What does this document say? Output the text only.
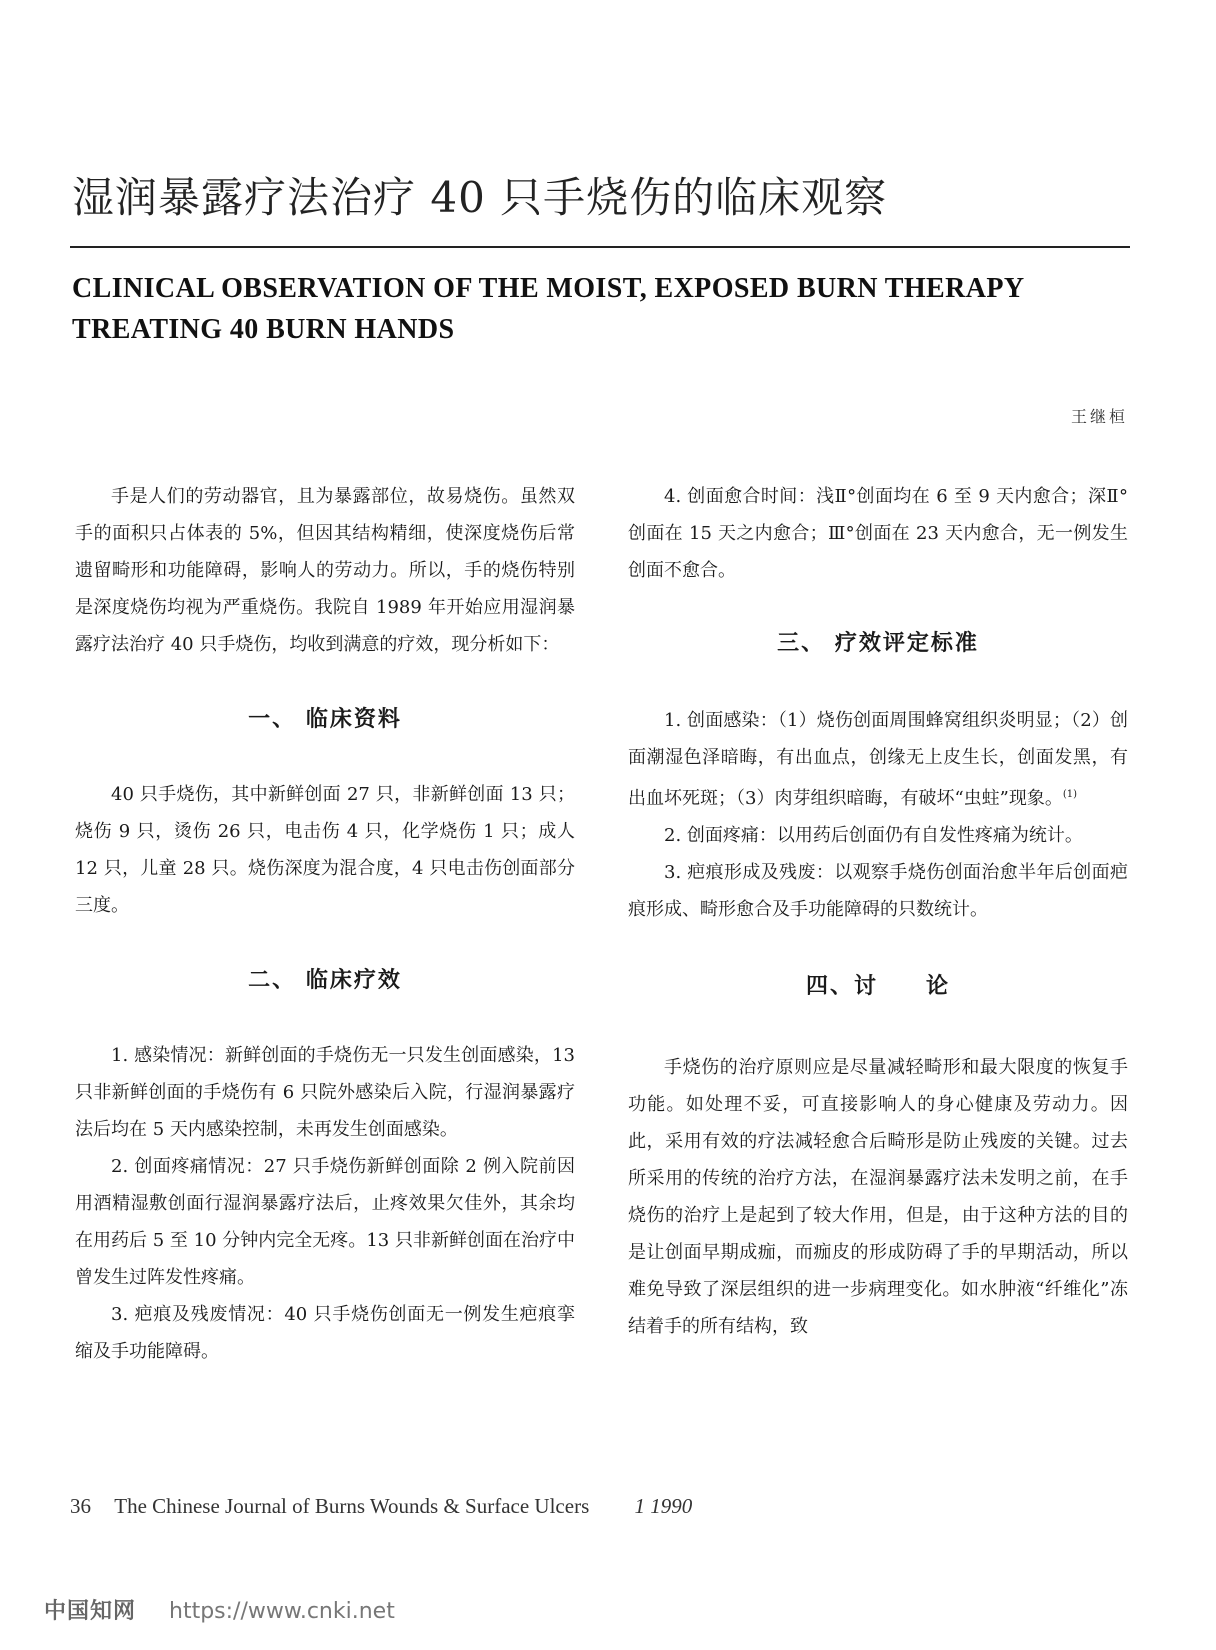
湿润暴露疗法治疗 40 只手烧伤的临床观察
CLINICAL OBSERVATION OF THE MOIST, EXPOSED BURN THERAPY
TREATING 40 BURN HANDS
王继桓

手是人们的劳动器官，且为暴露部位，故易烧伤。虽然双手的面积只占体表的 5%，但因其结构精细，使深度烧伤后常遗留畸形和功能障碍，影响人的劳动力。所以，手的烧伤特别是深度烧伤均视为严重烧伤。我院自 1989 年开始应用湿润暴露疗法治疗 40 只手烧伤，均收到满意的疗效，现分析如下：

一、 临床资料

40 只手烧伤，其中新鲜创面 27 只，非新鲜创面 13 只；烧伤 9 只，烫伤 26 只，电击伤 4 只，化学烧伤 1 只；成人 12 只，儿童 28 只。烧伤深度为混合度，4 只电击伤创面部分三度。

二、 临床疗效

1. 感染情况：新鲜创面的手烧伤无一只发生创面感染，13 只非新鲜创面的手烧伤有 6 只院外感染后入院，行湿润暴露疗法后均在 5 天内感染控制，未再发生创面感染。

2. 创面疼痛情况：27 只手烧伤新鲜创面除 2 例入院前因用酒精湿敷创面行湿润暴露疗法后，止疼效果欠佳外，其余均在用药后 5 至 10 分钟内完全无疼。13 只非新鲜创面在治疗中曾发生过阵发性疼痛。

3. 疤痕及残废情况：40 只手烧伤创面无一例发生疤痕挛缩及手功能障碍。

4. 创面愈合时间：浅Ⅱ°创面均在 6 至 9 天内愈合；深Ⅱ°创面在 15 天之内愈合；Ⅲ°创面在 23 天内愈合，无一例发生创面不愈合。

三、 疗效评定标准

1. 创面感染：（1）烧伤创面周围蜂窝组织炎明显；（2）创面潮湿色泽暗晦，有出血点，创缘无上皮生长，创面发黑，有出血坏死斑；（3）肉芽组织暗晦，有破坏“虫蛀”现象。$^{(1)}$

2. 创面疼痛：以用药后创面仍有自发性疼痛为统计。

3. 疤痕形成及残废：以观察手烧伤创面治愈半年后创面疤痕形成、畸形愈合及手功能障碍的只数统计。

四、讨　　论

手烧伤的治疗原则应是尽量减轻畸形和最大限度的恢复手功能。如处理不妥，可直接影响人的身心健康及劳动力。因此，采用有效的疗法减轻愈合后畸形是防止残废的关键。过去所采用的传统的治疗方法，在湿润暴露疗法未发明之前，在手烧伤的治疗上是起到了较大作用，但是，由于这种方法的目的是让创面早期成痂，而痂皮的形成防碍了手的早期活动，所以难免导致了深层组织的进一步病理变化。如水肿液“纤维化”冻结着手的所有结构，致

36 The Chinese Journal of Burns Wounds & Surface Ulcers 1 1990
中国知网 https://www.cnki.net
